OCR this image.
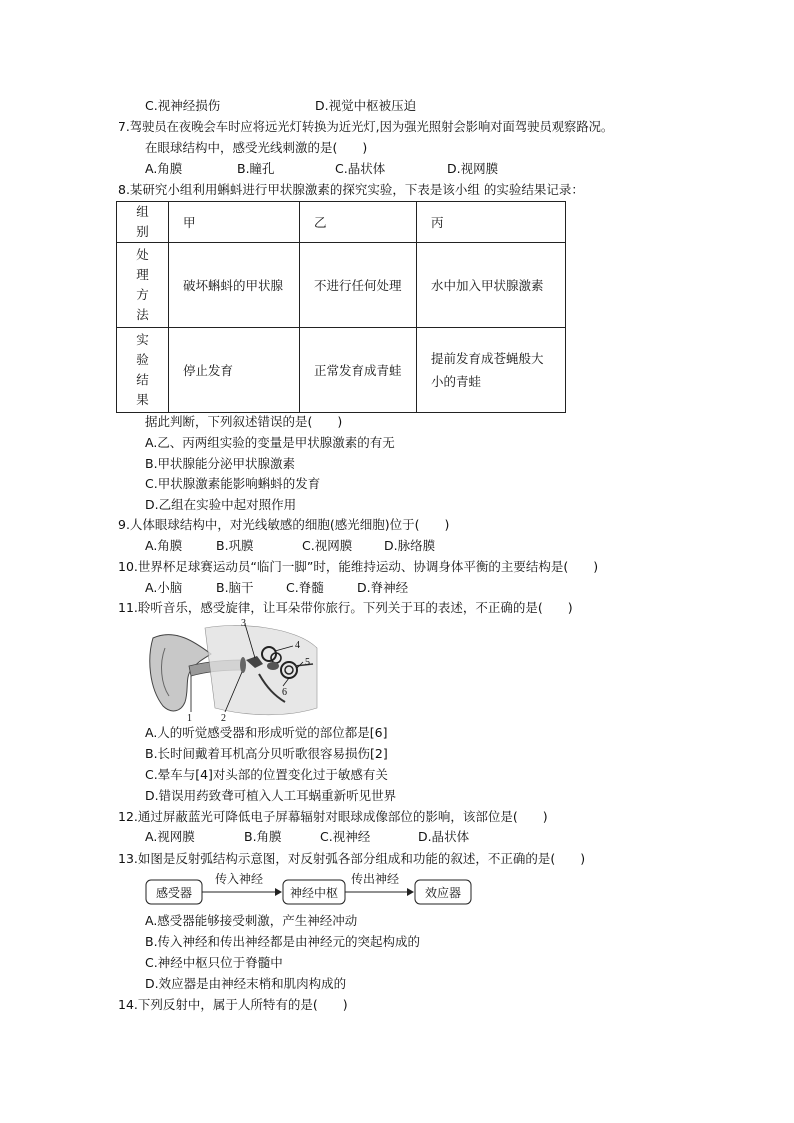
C.视神经损伤	D.视觉中枢被压迫
7.驾驶员在夜晚会车时应将远光灯转换为近光灯,因为强光照射会影响对面驾驶员观察路况。
在眼球结构中，感受光线刺激的是(　　)
A.角膜	B.瞳孔	C.晶状体	D.视网膜
8.某研究小组利用蝌蚪进行甲状腺激素的探究实验，下表是该小组 的实验结果记录：
组
别	甲	乙	丙

处
理
方
法	破坏蝌蚪的甲状腺	不进行任何处理	水中加入甲状腺激素

实
验
结
果	停止发育	正常发育成青蛙	提前发育成苍蝇般大小的青蛙
据此判断，下列叙述错误的是(　　)
A.乙、丙两组实验的变量是甲状腺激素的有无
B.甲状腺能分泌甲状腺激素
C.甲状腺激素能影响蝌蚪的发育
D.乙组在实验中起对照作用
9.人体眼球结构中，对光线敏感的细胞(感光细胞)位于(　　)
A.角膜	B.巩膜	C.视网膜	D.脉络膜
10.世界杯足球赛运动员“临门一脚”时，能维持运动、协调身体平衡的主要结构是(　　)
A.小脑	B.脑干	C.脊髓	D.脊神经
11.聆听音乐，感受旋律，让耳朵带你旅行。下列关于耳的表述，不正确的是(　　)
1	2
3
4
5
6
A.人的听觉感受器和形成听觉的部位都是[6]
B.长时间戴着耳机高分贝听歌很容易损伤[2]
C.晕车与[4]对头部的位置变化过于敏感有关
D.错误用药致聋可植入人工耳蜗重新听见世界
12.通过屏蔽蓝光可降低电子屏幕辐射对眼球成像部位的影响，该部位是(　　)
A.视网膜	B.角膜	C.视神经	D.晶状体
13.如图是反射弧结构示意图，对反射弧各部分组成和功能的叙述，不正确的是(　　)
感受器
传入神经
神经中枢
传出神经
效应器
A.感受器能够接受刺激，产生神经冲动
B.传入神经和传出神经都是由神经元的突起构成的
C.神经中枢只位于脊髓中
D.效应器是由神经末梢和肌肉构成的
14.下列反射中，属于人所特有的是(　　)
